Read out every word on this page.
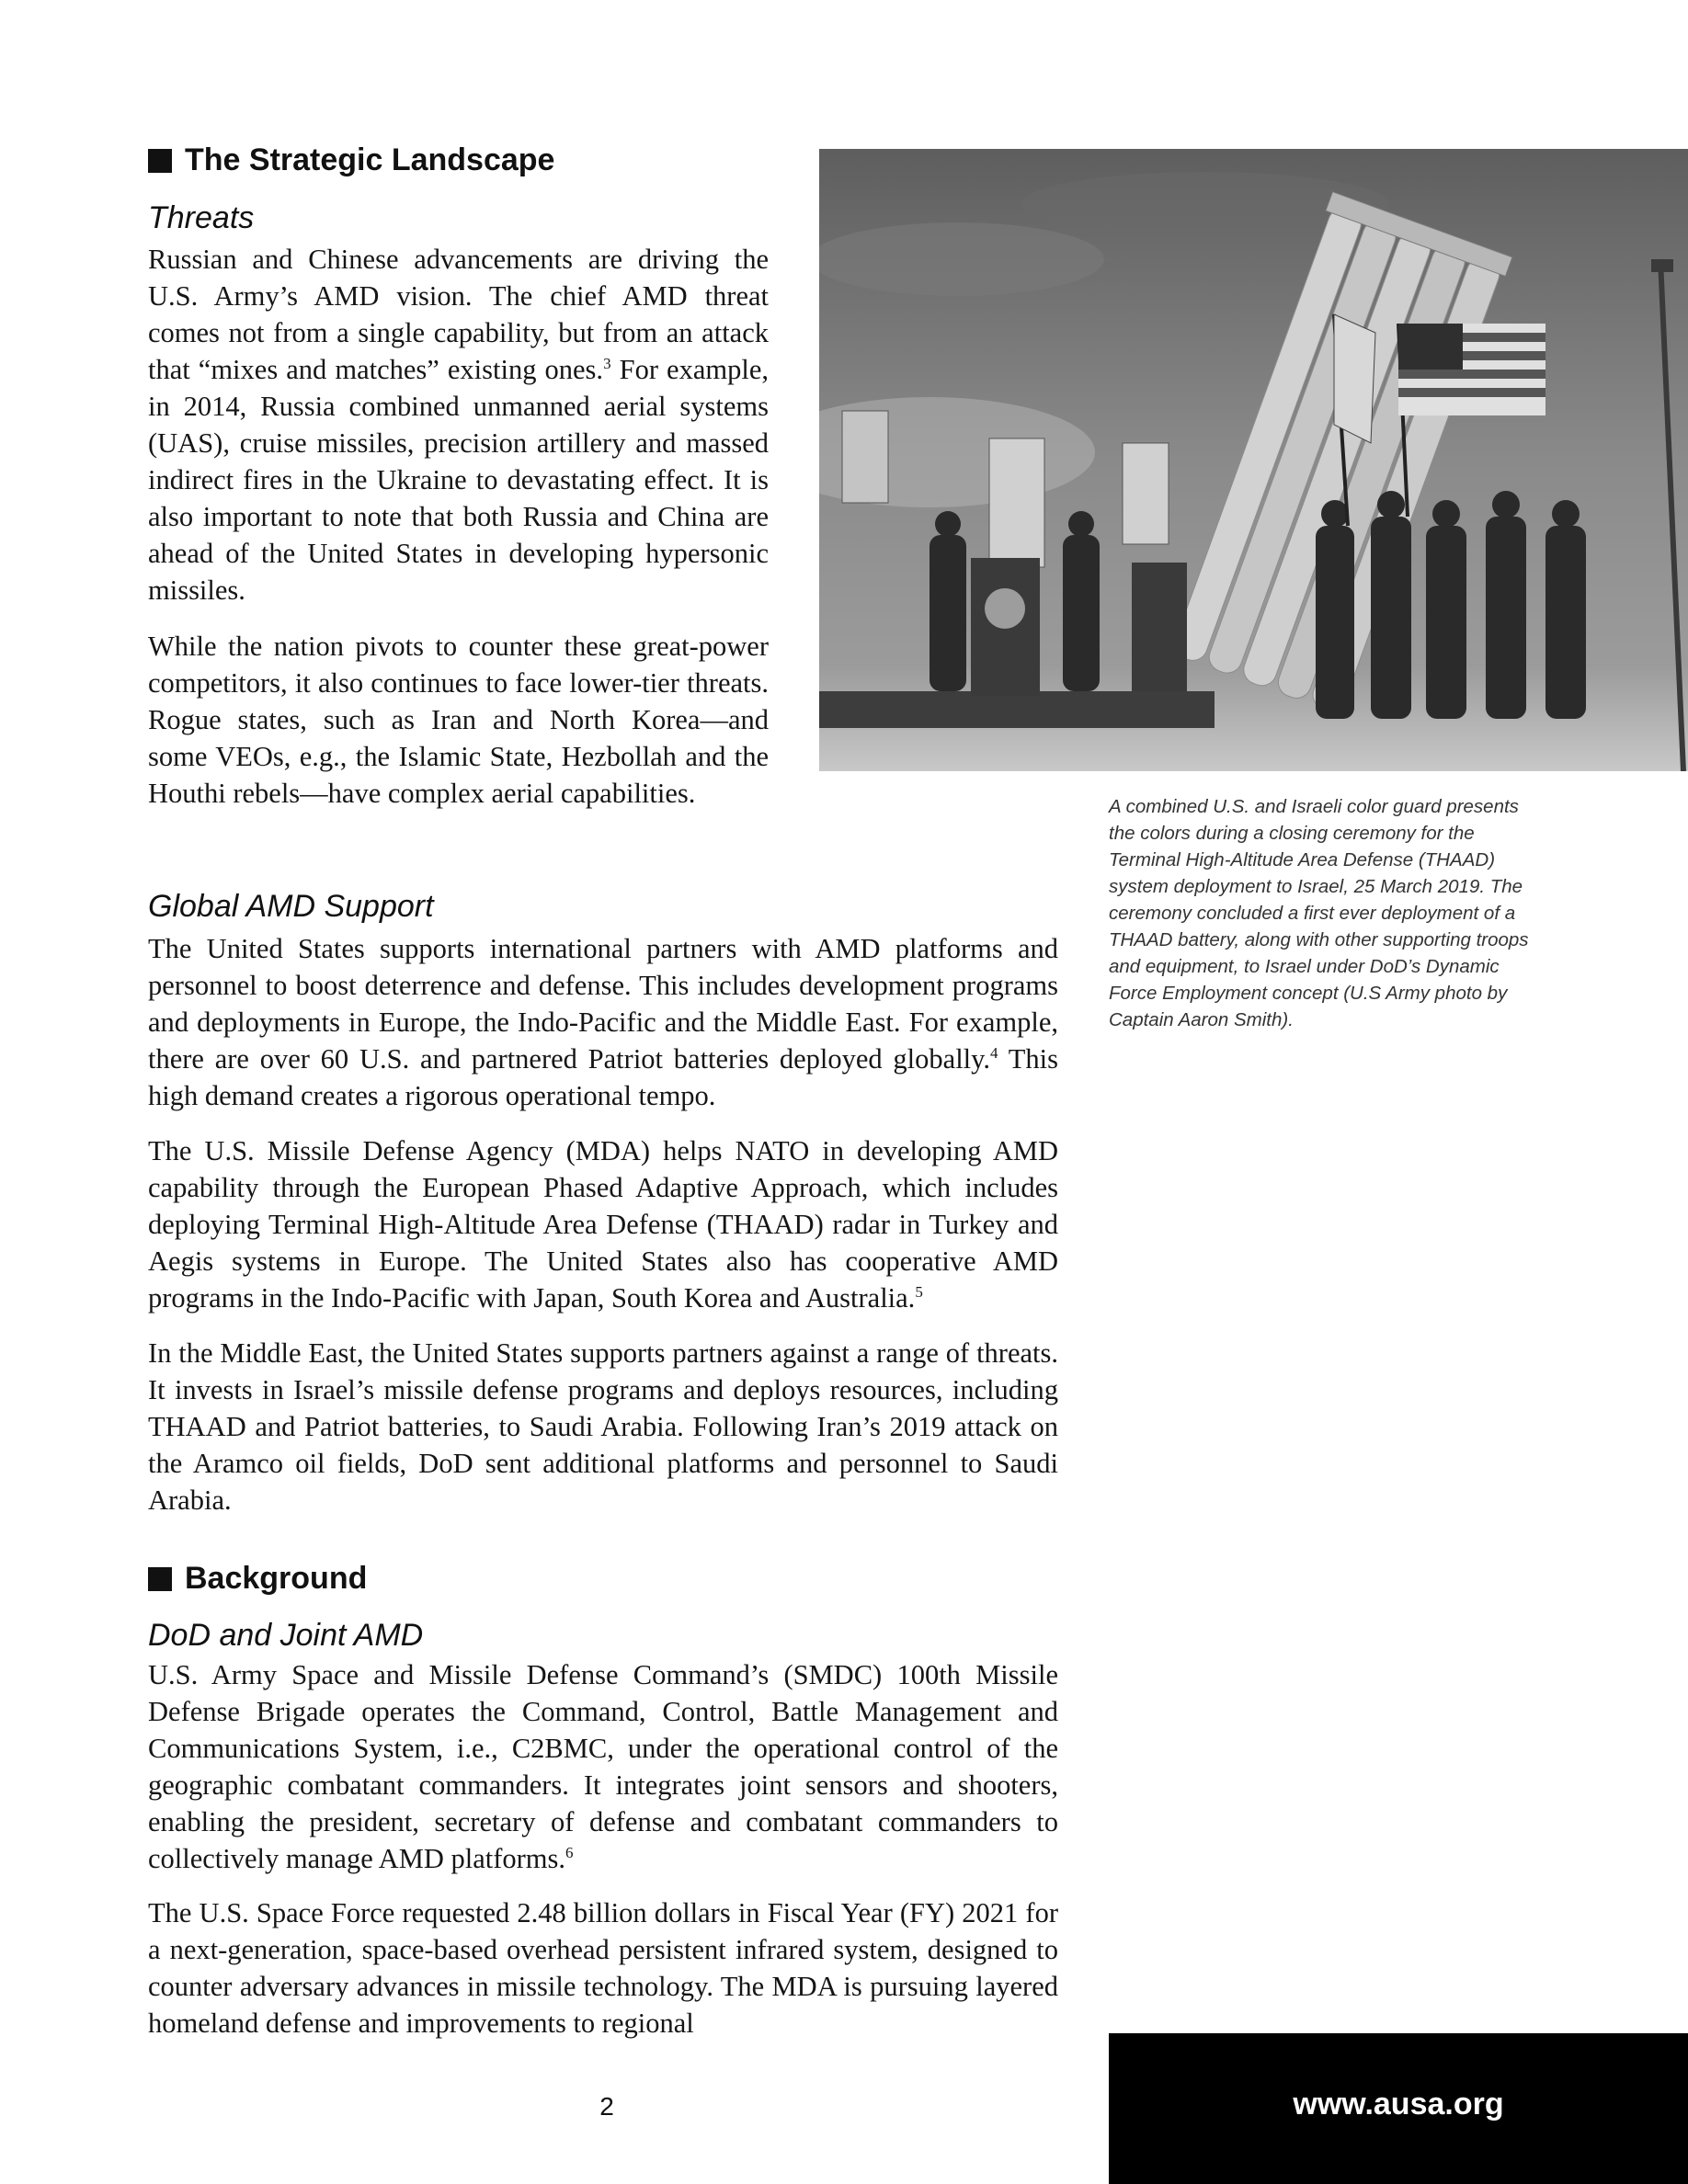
The Strategic Landscape
Threats

Russian and Chinese advancements are driving the U.S. Army’s AMD vision. The chief AMD threat comes not from a single capability, but from an attack that “mixes and matches” existing ones.$^3$ For example, in 2014, Russia combined unmanned aerial systems (UAS), cruise missiles, precision artillery and massed indirect fires in the Ukraine to devastating effect. It is also important to note that both Russia and China are ahead of the United States in developing hypersonic missiles.

While the nation pivots to counter these great-power competitors, it also continues to face lower-tier threats. Rogue states, such as Iran and North Korea—and some VEOs, e.g., the Islamic State, Hezbollah and the Houthi rebels—have complex aerial capabilities.

Global AMD Support

The United States supports international partners with AMD platforms and personnel to boost deterrence and defense. This includes development programs and deployments in Europe, the Indo-Pacific and the Middle East. For example, there are over 60 U.S. and partnered Patriot batteries deployed globally.$^4$ This high demand creates a rigorous operational tempo.

The U.S. Missile Defense Agency (MDA) helps NATO in developing AMD capability through the European Phased Adaptive Approach, which includes deploying Terminal High-Altitude Area Defense (THAAD) radar in Turkey and Aegis systems in Europe. The United States also has cooperative AMD programs in the Indo-Pacific with Japan, South Korea and Australia.$^5$

In the Middle East, the United States supports partners against a range of threats. It invests in Israel’s missile defense programs and deploys resources, including THAAD and Patriot batteries, to Saudi Arabia. Following Iran’s 2019 attack on the Aramco oil fields, DoD sent additional platforms and personnel to Saudi Arabia.

Background
DoD and Joint AMD

U.S. Army Space and Missile Defense Command’s (SMDC) 100th Missile Defense Brigade operates the Command, Control, Battle Management and Communications System, i.e., C2BMC, under the operational control of the geographic combatant commanders. It integrates joint sensors and shooters, enabling the president, secretary of defense and combatant commanders to collectively manage AMD platforms.$^6$

The U.S. Space Force requested 2.48 billion dollars in Fiscal Year (FY) 2021 for a next-generation, space-based overhead persistent infrared system, designed to counter adversary advances in missile technology. The MDA is pursuing layered homeland defense and improvements to regional

A combined U.S. and Israeli color guard presents the colors during a closing ceremony for the Terminal High-Altitude Area Defense (THAAD) system deployment to Israel, 25 March 2019. The ceremony concluded a first ever deployment of a THAAD battery, along with other supporting troops and equipment, to Israel under DoD’s Dynamic Force Employment concept (U.S Army photo by Captain Aaron Smith).

2	www.ausa.org
